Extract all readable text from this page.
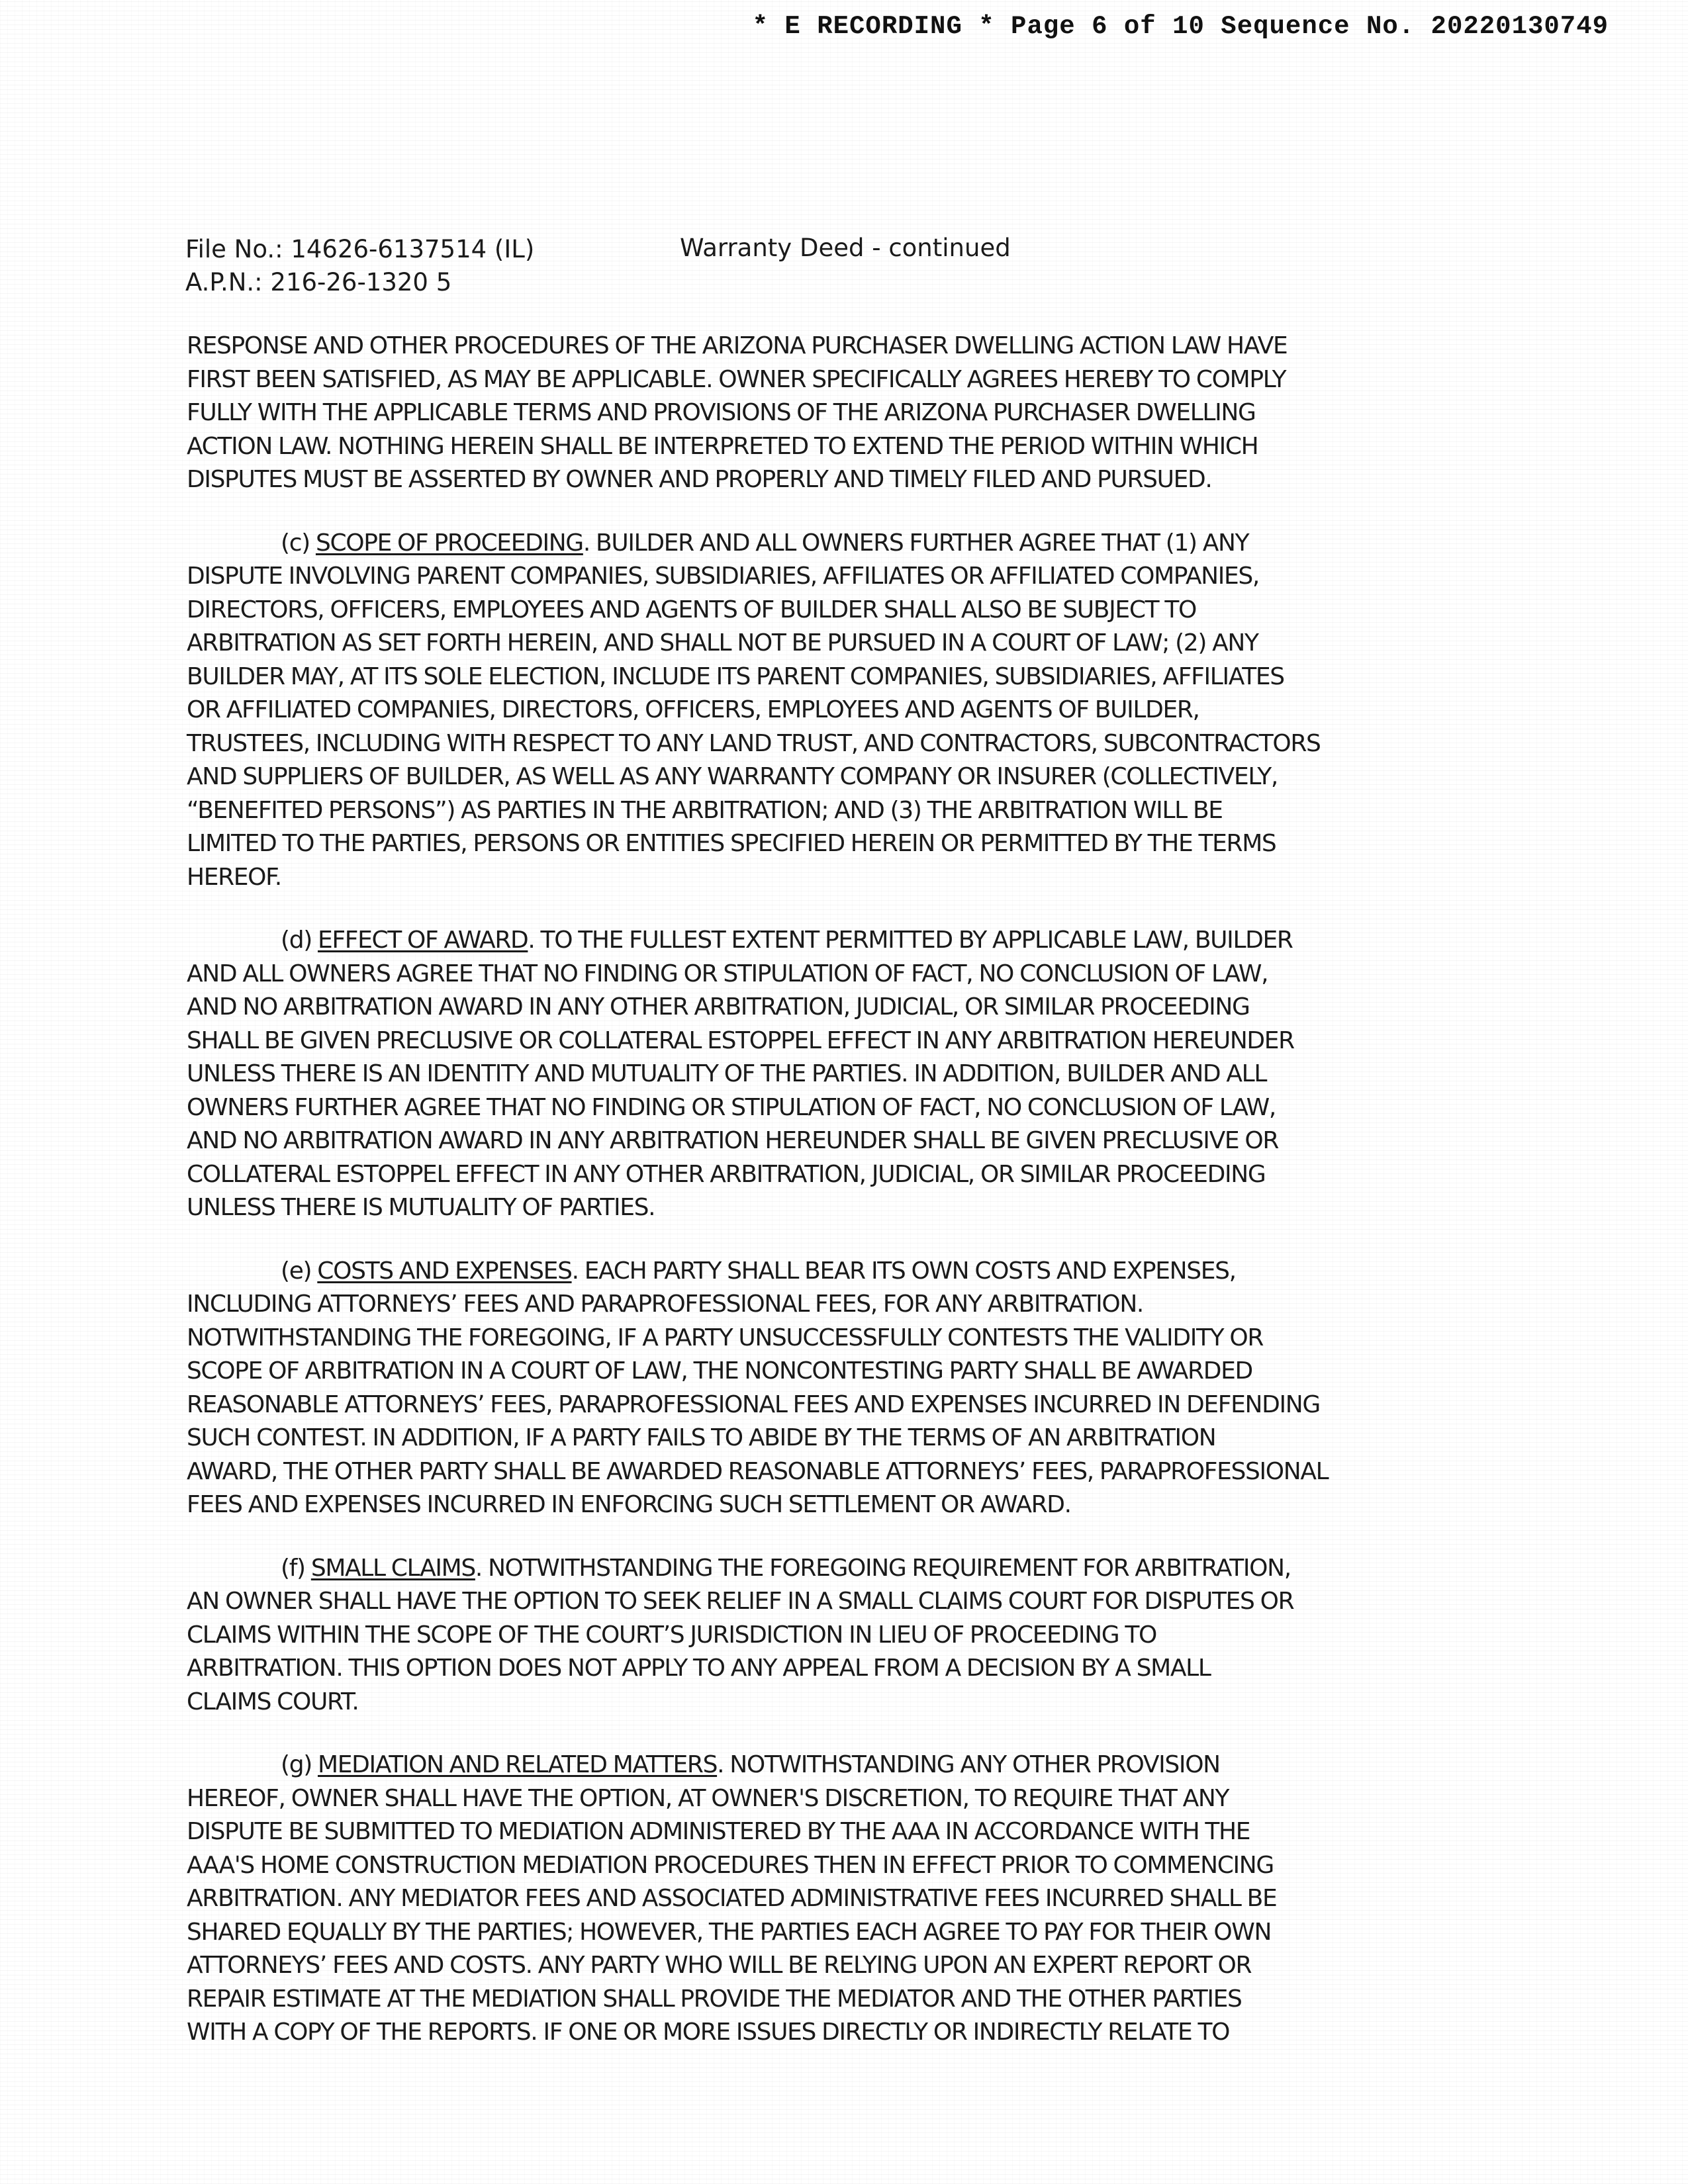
* E RECORDING * Page 6 of 10 Sequence No. 20220130749
File No.: 14626-6137514 (IL)
A.P.N.: 216-26-1320 5
Warranty Deed - continued

RESPONSE AND OTHER PROCEDURES OF THE ARIZONA PURCHASER DWELLING ACTION LAW HAVE
FIRST BEEN SATISFIED, AS MAY BE APPLICABLE. OWNER SPECIFICALLY AGREES HEREBY TO COMPLY
FULLY WITH THE APPLICABLE TERMS AND PROVISIONS OF THE ARIZONA PURCHASER DWELLING
ACTION LAW. NOTHING HEREIN SHALL BE INTERPRETED TO EXTEND THE PERIOD WITHIN WHICH
DISPUTES MUST BE ASSERTED BY OWNER AND PROPERLY AND TIMELY FILED AND PURSUED.

(c) SCOPE OF PROCEEDING. BUILDER AND ALL OWNERS FURTHER AGREE THAT (1) ANY
DISPUTE INVOLVING PARENT COMPANIES, SUBSIDIARIES, AFFILIATES OR AFFILIATED COMPANIES,
DIRECTORS, OFFICERS, EMPLOYEES AND AGENTS OF BUILDER SHALL ALSO BE SUBJECT TO
ARBITRATION AS SET FORTH HEREIN, AND SHALL NOT BE PURSUED IN A COURT OF LAW; (2) ANY
BUILDER MAY, AT ITS SOLE ELECTION, INCLUDE ITS PARENT COMPANIES, SUBSIDIARIES, AFFILIATES
OR AFFILIATED COMPANIES, DIRECTORS, OFFICERS, EMPLOYEES AND AGENTS OF BUILDER,
TRUSTEES, INCLUDING WITH RESPECT TO ANY LAND TRUST, AND CONTRACTORS, SUBCONTRACTORS
AND SUPPLIERS OF BUILDER, AS WELL AS ANY WARRANTY COMPANY OR INSURER (COLLECTIVELY,
“BENEFITED PERSONS”) AS PARTIES IN THE ARBITRATION; AND (3) THE ARBITRATION WILL BE
LIMITED TO THE PARTIES, PERSONS OR ENTITIES SPECIFIED HEREIN OR PERMITTED BY THE TERMS
HEREOF.

(d) EFFECT OF AWARD. TO THE FULLEST EXTENT PERMITTED BY APPLICABLE LAW, BUILDER
AND ALL OWNERS AGREE THAT NO FINDING OR STIPULATION OF FACT, NO CONCLUSION OF LAW,
AND NO ARBITRATION AWARD IN ANY OTHER ARBITRATION, JUDICIAL, OR SIMILAR PROCEEDING
SHALL BE GIVEN PRECLUSIVE OR COLLATERAL ESTOPPEL EFFECT IN ANY ARBITRATION HEREUNDER
UNLESS THERE IS AN IDENTITY AND MUTUALITY OF THE PARTIES. IN ADDITION, BUILDER AND ALL
OWNERS FURTHER AGREE THAT NO FINDING OR STIPULATION OF FACT, NO CONCLUSION OF LAW,
AND NO ARBITRATION AWARD IN ANY ARBITRATION HEREUNDER SHALL BE GIVEN PRECLUSIVE OR
COLLATERAL ESTOPPEL EFFECT IN ANY OTHER ARBITRATION, JUDICIAL, OR SIMILAR PROCEEDING
UNLESS THERE IS MUTUALITY OF PARTIES.

(e) COSTS AND EXPENSES. EACH PARTY SHALL BEAR ITS OWN COSTS AND EXPENSES,
INCLUDING ATTORNEYS’ FEES AND PARAPROFESSIONAL FEES, FOR ANY ARBITRATION.
NOTWITHSTANDING THE FOREGOING, IF A PARTY UNSUCCESSFULLY CONTESTS THE VALIDITY OR
SCOPE OF ARBITRATION IN A COURT OF LAW, THE NONCONTESTING PARTY SHALL BE AWARDED
REASONABLE ATTORNEYS’ FEES, PARAPROFESSIONAL FEES AND EXPENSES INCURRED IN DEFENDING
SUCH CONTEST. IN ADDITION, IF A PARTY FAILS TO ABIDE BY THE TERMS OF AN ARBITRATION
AWARD, THE OTHER PARTY SHALL BE AWARDED REASONABLE ATTORNEYS’ FEES, PARAPROFESSIONAL
FEES AND EXPENSES INCURRED IN ENFORCING SUCH SETTLEMENT OR AWARD.

(f) SMALL CLAIMS. NOTWITHSTANDING THE FOREGOING REQUIREMENT FOR ARBITRATION,
AN OWNER SHALL HAVE THE OPTION TO SEEK RELIEF IN A SMALL CLAIMS COURT FOR DISPUTES OR
CLAIMS WITHIN THE SCOPE OF THE COURT’S JURISDICTION IN LIEU OF PROCEEDING TO
ARBITRATION. THIS OPTION DOES NOT APPLY TO ANY APPEAL FROM A DECISION BY A SMALL
CLAIMS COURT.

(g) MEDIATION AND RELATED MATTERS. NOTWITHSTANDING ANY OTHER PROVISION
HEREOF, OWNER SHALL HAVE THE OPTION, AT OWNER'S DISCRETION, TO REQUIRE THAT ANY
DISPUTE BE SUBMITTED TO MEDIATION ADMINISTERED BY THE AAA IN ACCORDANCE WITH THE
AAA'S HOME CONSTRUCTION MEDIATION PROCEDURES THEN IN EFFECT PRIOR TO COMMENCING
ARBITRATION. ANY MEDIATOR FEES AND ASSOCIATED ADMINISTRATIVE FEES INCURRED SHALL BE
SHARED EQUALLY BY THE PARTIES; HOWEVER, THE PARTIES EACH AGREE TO PAY FOR THEIR OWN
ATTORNEYS’ FEES AND COSTS. ANY PARTY WHO WILL BE RELYING UPON AN EXPERT REPORT OR
REPAIR ESTIMATE AT THE MEDIATION SHALL PROVIDE THE MEDIATOR AND THE OTHER PARTIES
WITH A COPY OF THE REPORTS. IF ONE OR MORE ISSUES DIRECTLY OR INDIRECTLY RELATE TO
